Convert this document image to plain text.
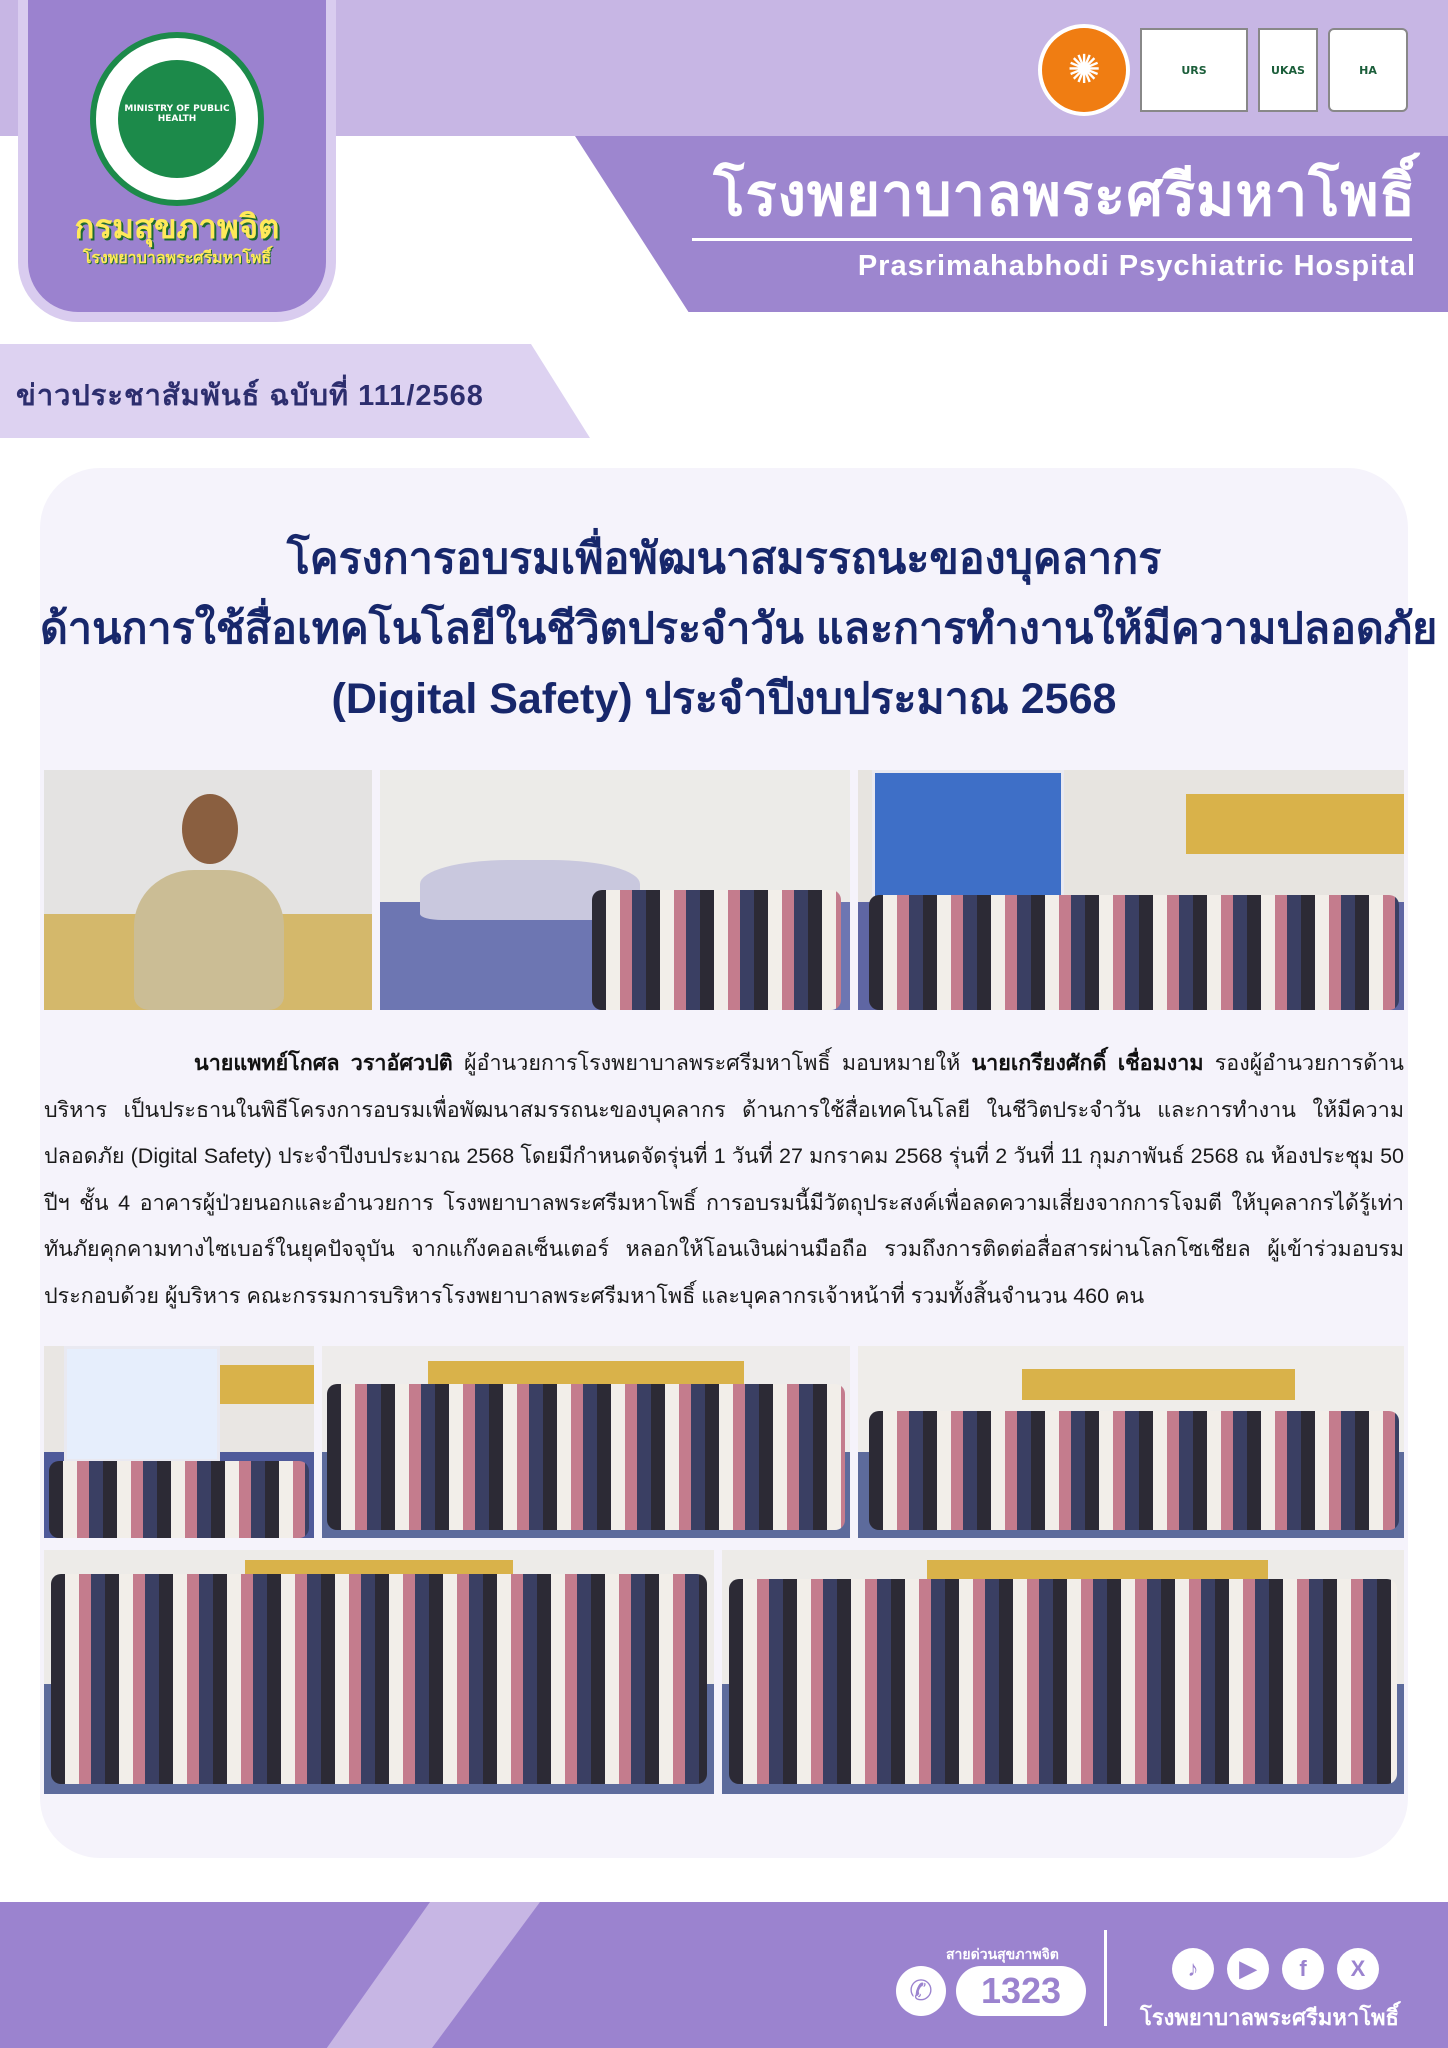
MINISTRY OF PUBLIC HEALTH
กรมสุขภาพจิต
โรงพยาบาลพระศรีมหาโพธิ์
✺	URS	UKAS	HA
โรงพยาบาลพระศรีมหาโพธิ์
Prasrimahabhodi Psychiatric Hospital
ข่าวประชาสัมพันธ์ ฉบับที่ 111/2568
โครงการอบรมเพื่อพัฒนาสมรรถนะของบุคลากร
ด้านการใช้สื่อเทคโนโลยีในชีวิตประจำวัน และการทำงานให้มีความปลอดภัย
(Digital Safety) ประจำปีงบประมาณ 2568
นายแพทย์โกศล วราอัศวปติ ผู้อำนวยการโรงพยาบาลพระศรีมหาโพธิ์ มอบหมายให้ นายเกรียงศักดิ์ เชื่อมงาม รองผู้อำนวยการด้านบริหาร เป็นประธานในพิธีโครงการอบรมเพื่อพัฒนาสมรรถนะของบุคลากร ด้านการใช้สื่อเทคโนโลยี ในชีวิตประจำวัน และการทำงาน ให้มีความปลอดภัย (Digital Safety) ประจำปีงบประมาณ 2568 โดยมีกำหนดจัดรุ่นที่ 1 วันที่ 27 มกราคม 2568 รุ่นที่ 2 วันที่ 11 กุมภาพันธ์ 2568 ณ ห้องประชุม 50 ปีฯ ชั้น 4 อาคารผู้ป่วยนอกและอำนวยการ โรงพยาบาลพระศรีมหาโพธิ์ การอบรมนี้มีวัตถุประสงค์เพื่อลดความเสี่ยงจากการโจมตี ให้บุคลากรได้รู้เท่าทันภัยคุกคามทางไซเบอร์ในยุคปัจจุบัน จากแก๊งคอลเซ็นเตอร์ หลอกให้โอนเงินผ่านมือถือ รวมถึงการติดต่อสื่อสารผ่านโลกโซเชียล ผู้เข้าร่วมอบรมประกอบด้วย ผู้บริหาร คณะกรรมการบริหารโรงพยาบาลพระศรีมหาโพธิ์ และบุคลากรเจ้าหน้าที่ รวมทั้งสิ้นจำนวน 460 คน
สายด่วนสุขภาพจิต
✆	1323
♪	▶	f	X
โรงพยาบาลพระศรีมหาโพธิ์
